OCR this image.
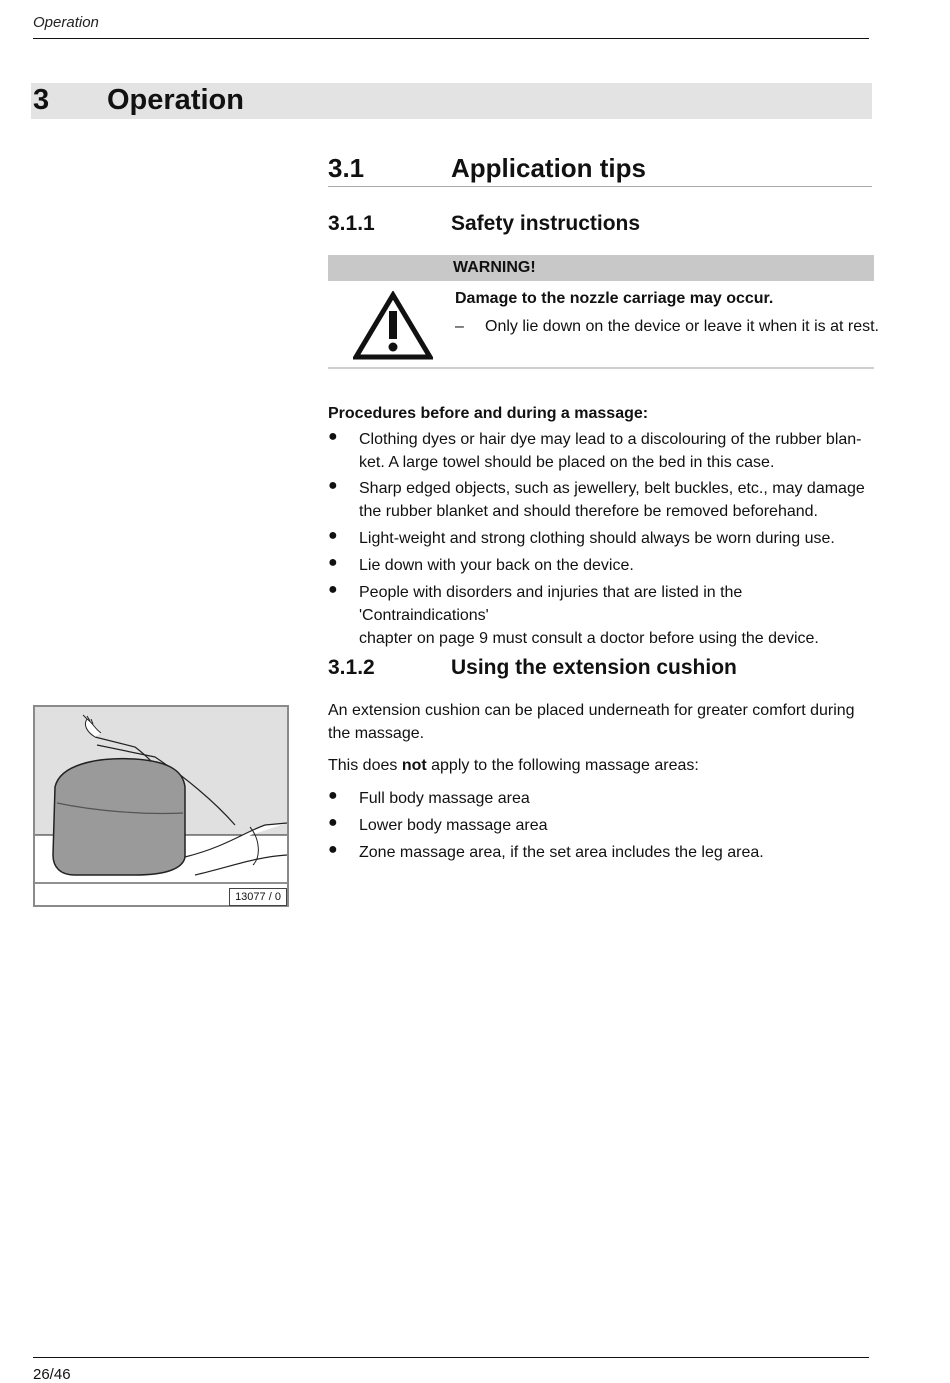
Operation
3 Operation
3.1	Application tips
3.1.1	Safety instructions
WARNING!
Damage to the nozzle carriage may occur.
– Only lie down on the device or leave it when it is at rest.
Procedures before and during a massage:
● Clothing dyes or hair dye may lead to a discolouring of the rubber blan-
ket. A large towel should be placed on the bed in this case.
● Sharp edged objects, such as jewellery, belt buckles, etc., may damage
the rubber blanket and should therefore be removed beforehand.
● Light-weight and strong clothing should always be worn during use.
● Lie down with your back on the device.
● People with disorders and injuries that are listed in the 'Contraindications'
chapter on page 9 must consult a doctor before using the device.
3.1.2	Using the extension cushion
An extension cushion can be placed underneath for greater comfort during
the massage.
This does not apply to the following massage areas:
● Full body massage area
● Lower body massage area
● Zone massage area, if the set area includes the leg area.
13077 / 0
26/46
